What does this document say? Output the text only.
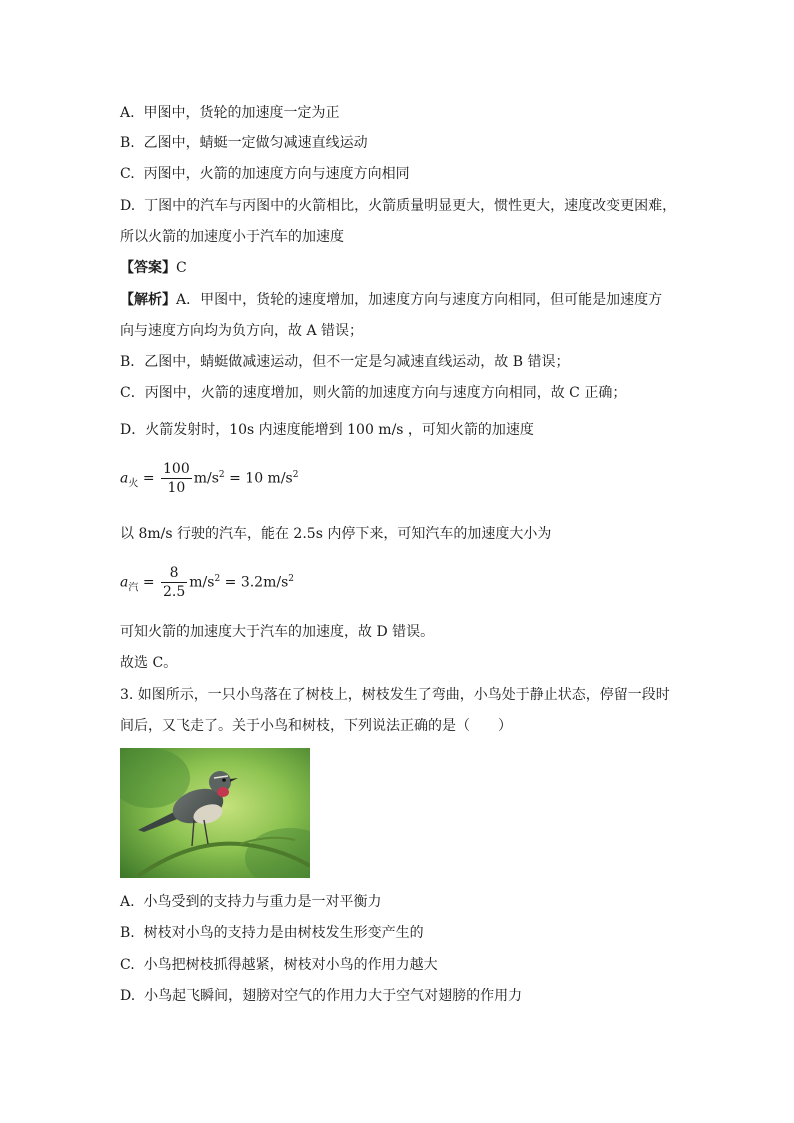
A. 甲图中，货轮的加速度一定为正
B. 乙图中，蜻蜓一定做匀减速直线运动
C. 丙图中，火箭的加速度方向与速度方向相同
D. 丁图中的汽车与丙图中的火箭相比，火箭质量明显更大，惯性更大，速度改变更困难，
所以火箭的加速度小于汽车的加速度
【答案】C
【解析】A．甲图中，货轮的速度增加，加速度方向与速度方向相同，但可能是加速度方
向与速度方向均为负方向，故 A 错误；
B．乙图中，蜻蜓做减速运动，但不一定是匀减速直线运动，故 B 错误；
C．丙图中，火箭的速度增加，则火箭的加速度方向与速度方向相同，故 C 正确；
D．火箭发射时，10s 内速度能增到 100 m/s ，可知火箭的加速度
$a_火 = \frac{100}{10} m/s^2 = 10$ $m/s^2$
以 8m/s 行驶的汽车，能在 2.5s 内停下来，可知汽车的加速度大小为
$a_汽 = \frac{8}{2.5} m/s^2 = 3.2m/s^2$
可知火箭的加速度大于汽车的加速度，故 D 错误。
故选 C。
3. 如图所示，一只小鸟落在了树枝上，树枝发生了弯曲，小鸟处于静止状态，停留一段时
间后，又飞走了。关于小鸟和树枝，下列说法正确的是（　　）
A. 小鸟受到的支持力与重力是一对平衡力
B. 树枝对小鸟的支持力是由树枝发生形变产生的
C. 小鸟把树枝抓得越紧，树枝对小鸟的作用力越大
D. 小鸟起飞瞬间，翅膀对空气的作用力大于空气对翅膀的作用力
